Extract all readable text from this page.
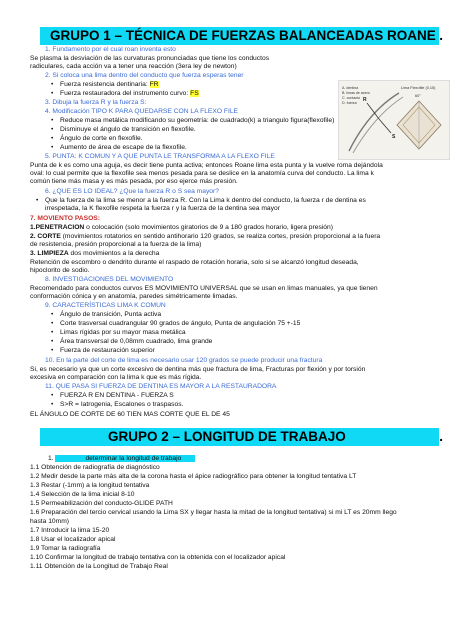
GRUPO 1 – TÉCNICA DE FUERZAS BALANCEADAS ROANE .
A. dentina
B. limas de acero
C. contacto
D. fuerza R
S
Lima Flexofile (0.15)
60°
1. Fundamento por el cual roan inventa esto
Se plasma la desviación de las curvaturas pronunciadas que tiene los conductos
radiculares, cada acción va a tener una reacción (3era ley de newton)
2. Si coloca una lima dentro del conducto que fuerza esperas tener
• Fuerza resistencia dentinaria: FR
• Fuerza restauradora del instrumento curvo: FS
3. Dibuja la fuerza R y la fuerza S:
4. Modificación TIPO K PARA QUEDARSE CON LA FLEXO FILE
• Reduce masa metálica modificando su geometría: de cuadrado(k) a triangulo figura(flexofile)
• Disminuye el ángulo de transición en flexofile.
• Ángulo de corte en flexofile.
• Aumento de área de escape de la flexofile.
5. PUNTA: K COMUN Y A QUE PUNTA LE TRANSFORMA A LA FLEXO FILE
Punta de k es como una aguja, es decir tiene punta activa; entonces Roane lima esta punta y la vuelve roma dejándola
oval: lo cual permite que la flexofile sea menos pesada para se deslice en la anatomía curva del conducto. La lima k
común tiene más masa y es más pesada, por eso ejerce más presión.
6. ¿QUE ES LO IDEAL? ¿Que la fuerza R o S sea mayor?
• Que la fuerza de la lima se menor a la fuerza R. Con la Lima k dentro del conducto, la fuerza r de dentina es
irrespetada, la K flexofile respeta la fuerza r y la fuerza de la dentina sea mayor
7. MOVIENTO PASOS:
1.PENETRACION o colocación (solo movimientos giratorios de 9 a 180 grados horario, ligera presión)
2. CORTE (movimientos rotatorios en sentido antihorario 120 grados, se realiza cortes, presión proporcional a la fuera
de resistencia, presión proporcional a la fuerza de la lima)
3. LIMPIEZA dos movimientos a la derecha
Retención de escombro o dendrito durante el raspado de rotación horaria, solo si se alcanzó longitud deseada,
hipoclorito de sodio.
8. INVESTIGACIONES DEL MOVIMIENTO
Recomendado para conductos curvos ES MOVIMIENTO UNIVERSAL que se usan en limas manuales, ya que tienen
conformación cónica y en anatomía, paredes simétricamente limadas.
9. CARACTERÍSTICAS LIMA K COMUN
• Ángulo de transición, Punta activa
• Corte trasversal cuadrangular 90 grados de ángulo, Punta de angulación 75 +-15
• Limas rígidas por su mayor masa metálica
• Área transversal de 0,08mm cuadrado, lima grande
• Fuerza de restauración superior
10. En la parte del corte de lima es necesario usar 120 grados se puede producir una fractura
Si, es necesario ya que un corte excesivo de dentina más que fractura de lima, Fracturas por flexión y por torsión
excesiva en comparación con la lima k que es más rígida.
11. QUE PASA SI FUERZA DE DENTINA ES MAYOR A LA RESTAURADORA
• FUERZA R EN DENTINA - FUERZA S
• S>R = Iatrogenia, Escalones o traspasos.
EL ÁNGULO DE CORTE DE 60 TIEN MAS CORTE QUE EL DE 45
GRUPO 2 – LONGITUD DE TRABAJO	.
1.	determinar la longitud de trabajo
1.1 Obtención de radiografía de diagnóstico
1.2 Medir desde la parte más alta de la corona hasta el ápice radiográfico para obtener la longitud tentativa LT
1.3 Restar (-1mm) a la longitud tentativa
1.4 Selección de la lima inicial 8-10
1.5 Permeabilización del conducto-GLIDE PATH
1.6 Preparación del tercio cervical usando la Lima SX y llegar hasta la mitad de la longitud tentativa) si mi LT es 20mm llego
hasta 10mm)
1.7 Introducir la lima 15-20
1.8 Usar el localizador apical
1.9 Tomar la radiografía
1.10 Confirmar la longitud de trabajo tentativa con la obtenida con el localizador apical
1.11 Obtención de la Longitud de Trabajo Real
